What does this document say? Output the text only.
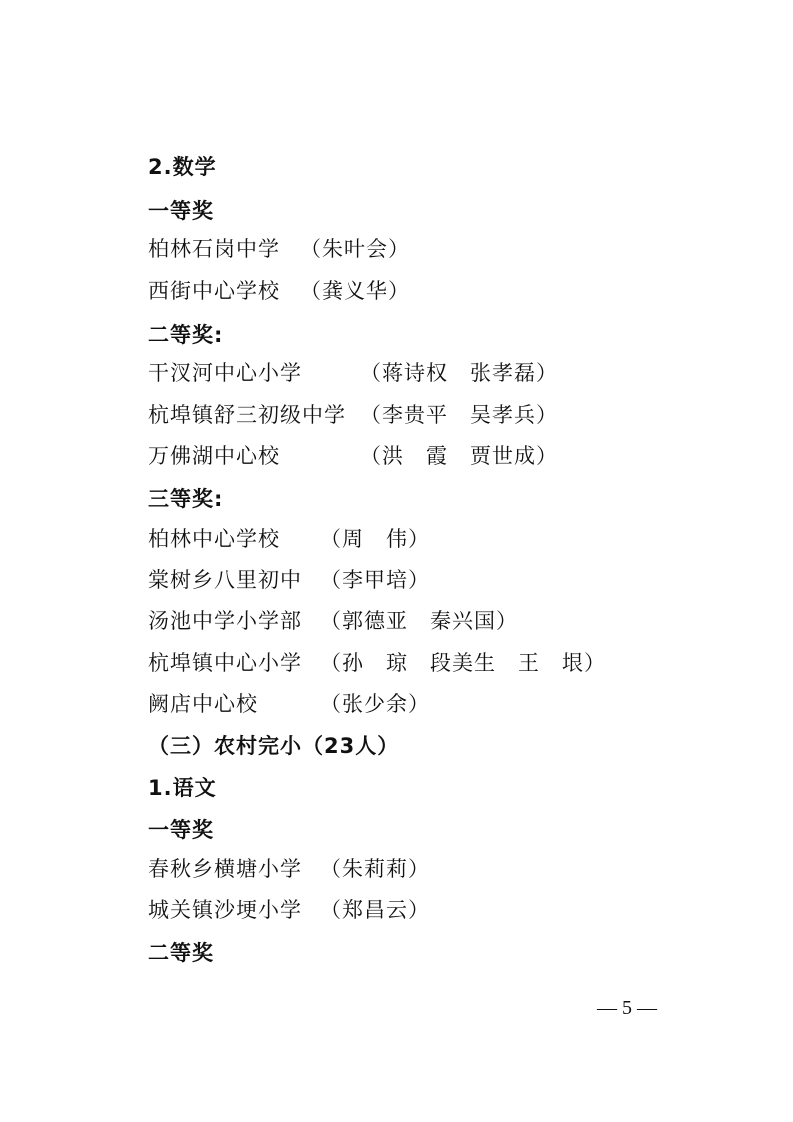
2.数学
一等奖
柏林石岗中学 （朱叶会）
西街中心学校 （龚义华）
二等奖:
干汊河中心小学	（蒋诗权　张孝磊）
杭埠镇舒三初级中学 （李贵平　吴孝兵）
万佛湖中心校	（洪　霞　贾世成）
三等奖:
柏林中心学校 （周　伟）
棠树乡八里初中 （李甲培）
汤池中学小学部 （郭德亚　秦兴国）
杭埠镇中心小学 （孙　琼　段美生　王　垠）
阙店中心校	（张少余）
（三）农村完小（23人）
1.语文
一等奖
春秋乡横塘小学 （朱莉莉）
城关镇沙埂小学 （郑昌云）
二等奖
— 5 —
